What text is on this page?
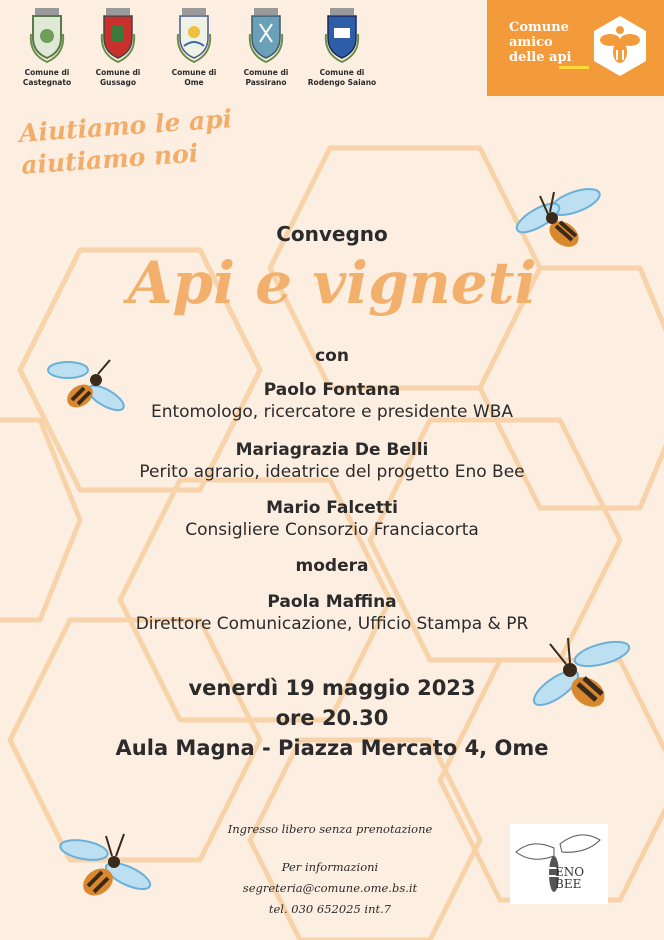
Comune di
Castegnato
Comune di
Gussago
Comune di
Ome
Comune di
Passirano
Comune di
Rodengo Saiano
Comune
amico
delle api
Aiutiamo le api
aiutiamo noi
Convegno
Api e vigneti
con
Paolo Fontana
Entomologo, ricercatore e presidente WBA
Mariagrazia De Belli
Perito agrario, ideatrice del progetto Eno Bee
Mario Falcetti
Consigliere Consorzio Franciacorta
modera
Paola Maffina
Direttore Comunicazione, Ufficio Stampa & PR
venerdì 19 maggio 2023
ore 20.30
Aula Magna - Piazza Mercato 4, Ome
Ingresso libero senza prenotazione
Per informazioni
segreteria@comune.ome.bs.it
tel. 030 652025 int.7
ENO
BEE
